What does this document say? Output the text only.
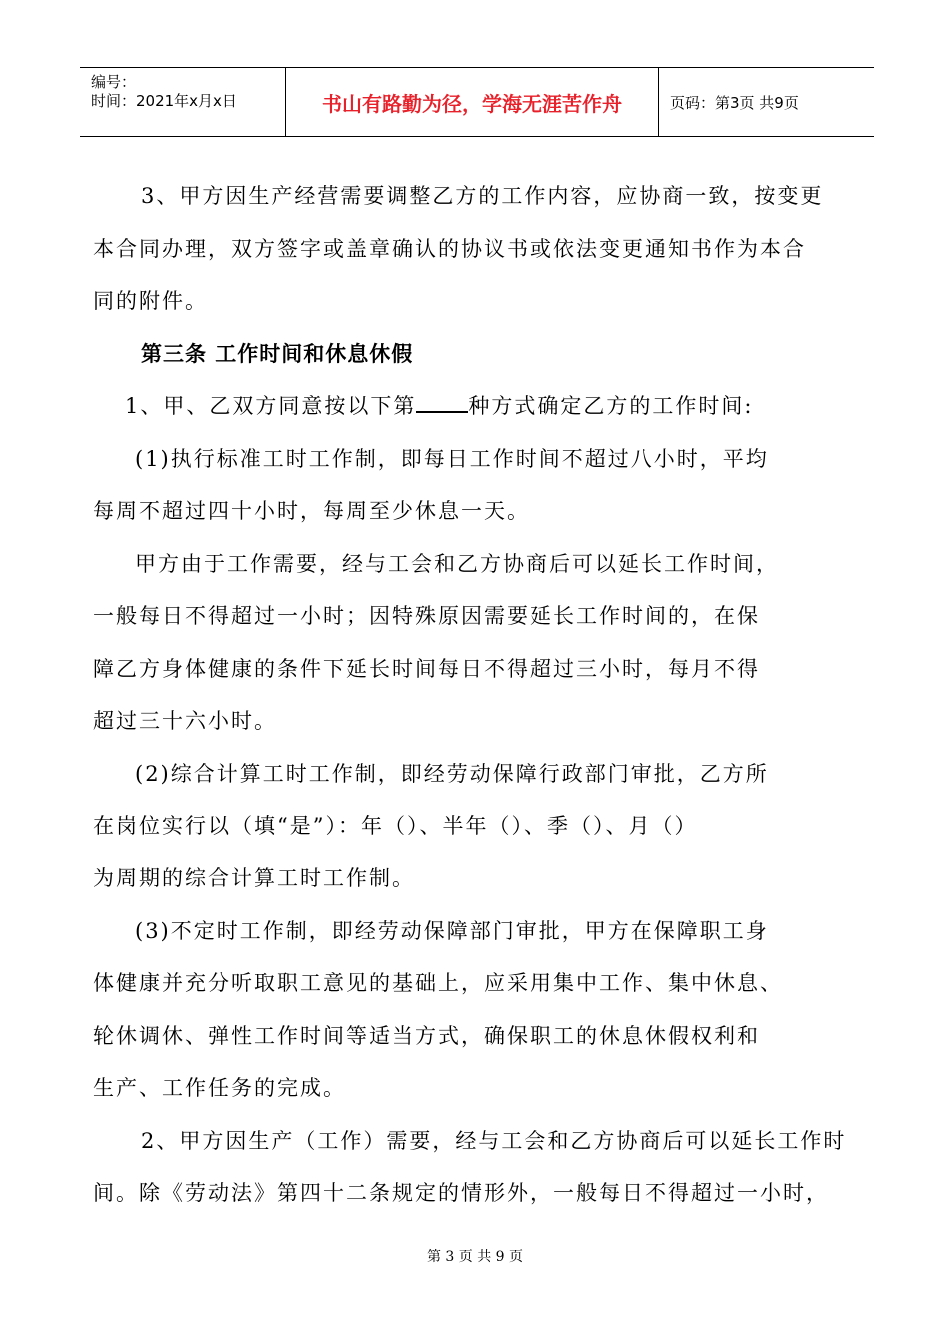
编号：
时间：2021年x月x日	书山有路勤为径，学海无涯苦作舟	页码：第3页 共9页
3、甲方因生产经营需要调整乙方的工作内容，应协商一致，按变更
本合同办理，双方签字或盖章确认的协议书或依法变更通知书作为本合
同的附件。
第三条 工作时间和休息休假
1、甲、乙双方同意按以下第 种方式确定乙方的工作时间:
(1)执行标准工时工作制，即每日工作时间不超过八小时，平均
每周不超过四十小时，每周至少休息一天。
甲方由于工作需要，经与工会和乙方协商后可以延长工作时间，
一般每日不得超过一小时；因特殊原因需要延长工作时间的，在保
障乙方身体健康的条件下延长时间每日不得超过三小时，每月不得
超过三十六小时。
(2)综合计算工时工作制，即经劳动保障行政部门审批，乙方所
在岗位实行以（填“是”）：年（）、半年（）、季（）、月（）
为周期的综合计算工时工作制。
(3)不定时工作制，即经劳动保障部门审批，甲方在保障职工身
体健康并充分听取职工意见的基础上，应采用集中工作、集中休息、
轮休调休、弹性工作时间等适当方式，确保职工的休息休假权利和
生产、工作任务的完成。
2、甲方因生产（工作）需要，经与工会和乙方协商后可以延长工作时
间。除《劳动法》第四十二条规定的情形外，一般每日不得超过一小时，
第 3 页 共 9 页
